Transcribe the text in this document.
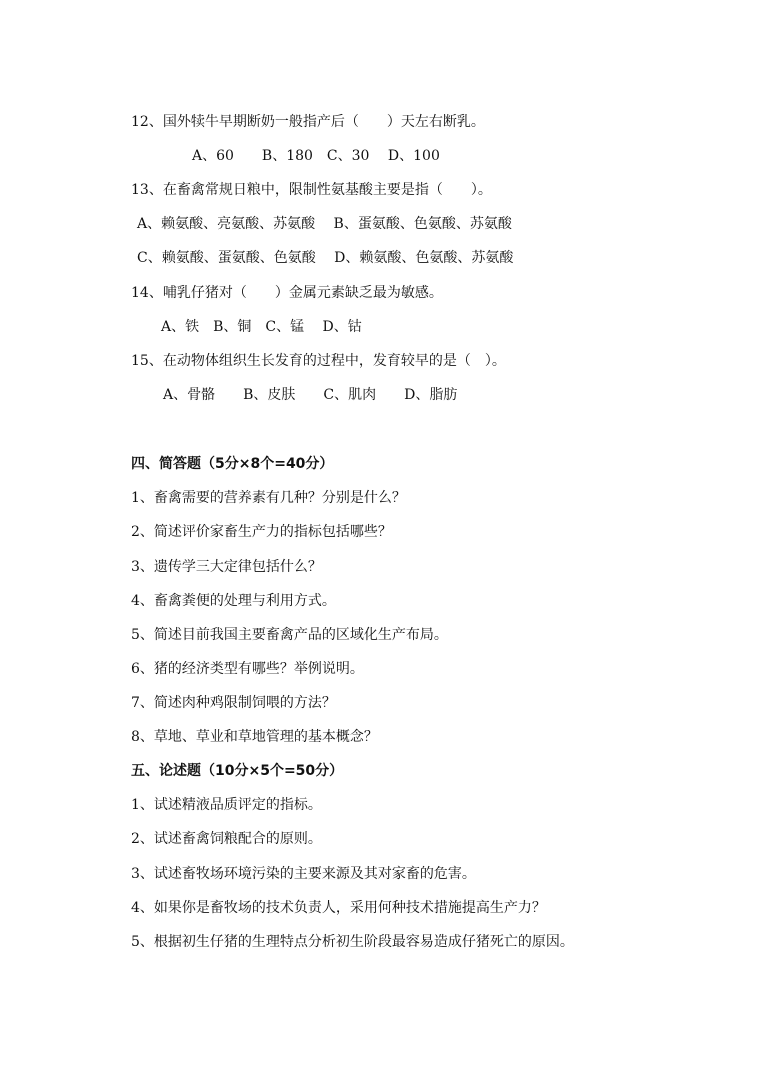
12、国外犊牛早期断奶一般指产后（　　）天左右断乳。
A、60　　B、180　C、30　 D、100
13、在畜禽常规日粮中，限制性氨基酸主要是指（　　）。
A、赖氨酸、亮氨酸、苏氨酸　 B、蛋氨酸、色氨酸、苏氨酸
C、赖氨酸、蛋氨酸、色氨酸　 D、赖氨酸、色氨酸、苏氨酸
14、哺乳仔猪对（　　）金属元素缺乏最为敏感。
A、铁　B、铜　C、锰　 D、钴
15、在动物体组织生长发育的过程中，发育较早的是（　）。
A、骨骼　　B、皮肤　　C、肌肉　　D、脂肪
四、简答题（5分×8个=40分）
1、畜禽需要的营养素有几种？分别是什么？
2、简述评价家畜生产力的指标包括哪些？
3、遗传学三大定律包括什么？
4、畜禽粪便的处理与利用方式。
5、简述目前我国主要畜禽产品的区域化生产布局。
6、猪的经济类型有哪些？举例说明。
7、简述肉种鸡限制饲喂的方法？
8、草地、草业和草地管理的基本概念？
五、论述题（10分×5个=50分）
1、试述精液品质评定的指标。
2、试述畜禽饲粮配合的原则。
3、试述畜牧场环境污染的主要来源及其对家畜的危害。
4、如果你是畜牧场的技术负责人，采用何种技术措施提高生产力？
5、根据初生仔猪的生理特点分析初生阶段最容易造成仔猪死亡的原因。
